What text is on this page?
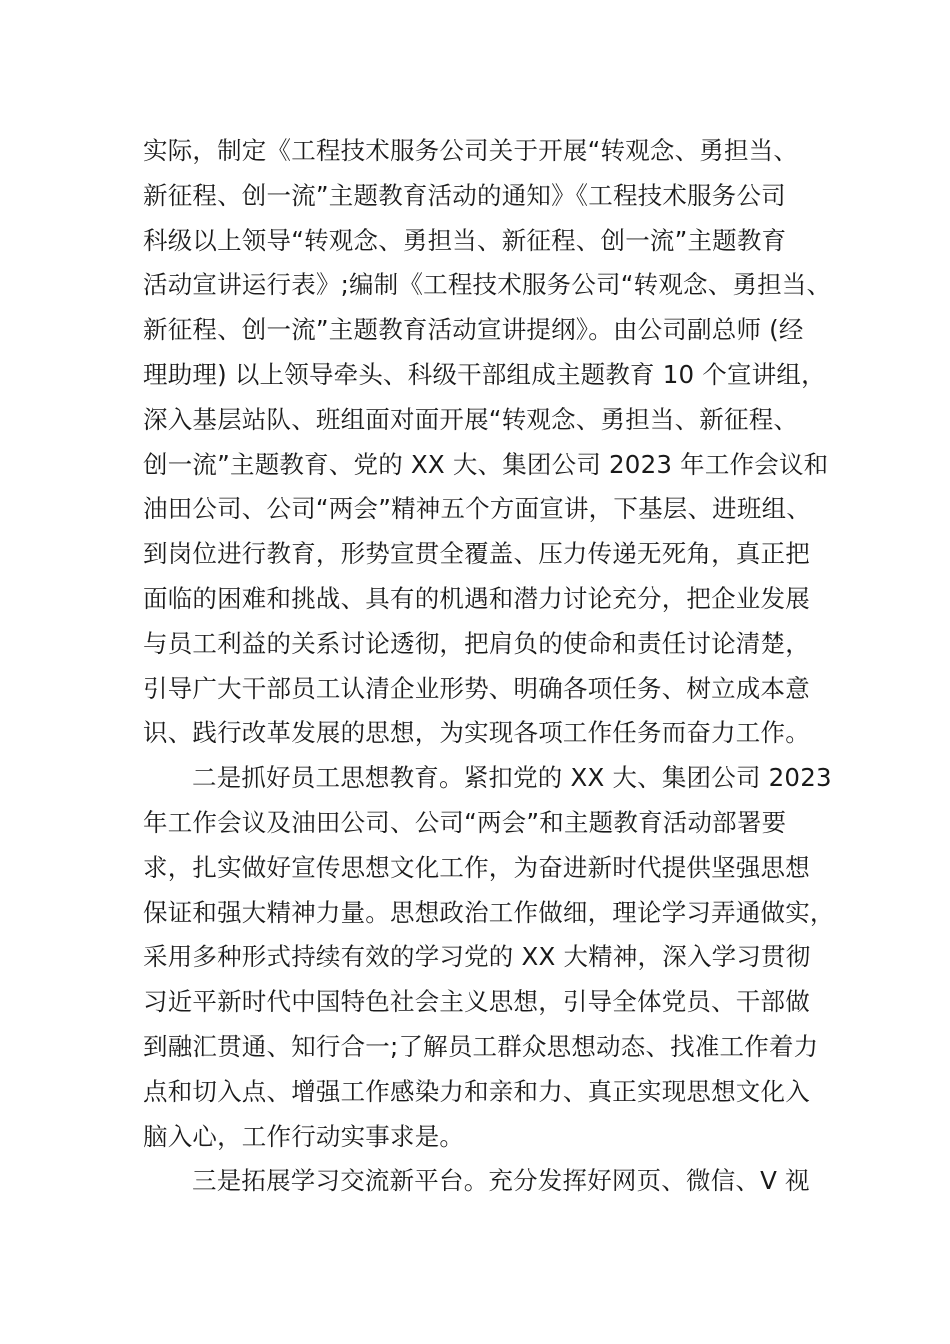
实际，制定《工程技术服务公司关于开展“转观念、勇担当、
新征程、创一流”主题教育活动的通知》《工程技术服务公司
科级以上领导“转观念、勇担当、新征程、创一流”主题教育
活动宣讲运行表》;编制《工程技术服务公司“转观念、勇担当、
新征程、创一流”主题教育活动宣讲提纲》。由公司副总师 (经
理助理) 以上领导牵头、科级干部组成主题教育 10 个宣讲组，
深入基层站队、班组面对面开展“转观念、勇担当、新征程、
创一流”主题教育、党的 XX 大、集团公司 2023 年工作会议和
油田公司、公司“两会”精神五个方面宣讲，下基层、进班组、
到岗位进行教育，形势宣贯全覆盖、压力传递无死角，真正把
面临的困难和挑战、具有的机遇和潜力讨论充分，把企业发展
与员工利益的关系讨论透彻，把肩负的使命和责任讨论清楚，
引导广大干部员工认清企业形势、明确各项任务、树立成本意
识、践行改革发展的思想，为实现各项工作任务而奋力工作。
二是抓好员工思想教育。紧扣党的 XX 大、集团公司 2023
年工作会议及油田公司、公司“两会”和主题教育活动部署要
求，扎实做好宣传思想文化工作，为奋进新时代提供坚强思想
保证和强大精神力量。思想政治工作做细，理论学习弄通做实，
采用多种形式持续有效的学习党的 XX 大精神，深入学习贯彻
习近平新时代中国特色社会主义思想，引导全体党员、干部做
到融汇贯通、知行合一;了解员工群众思想动态、找准工作着力
点和切入点、增强工作感染力和亲和力、真正实现思想文化入
脑入心，工作行动实事求是。
三是拓展学习交流新平台。充分发挥好网页、微信、V 视
